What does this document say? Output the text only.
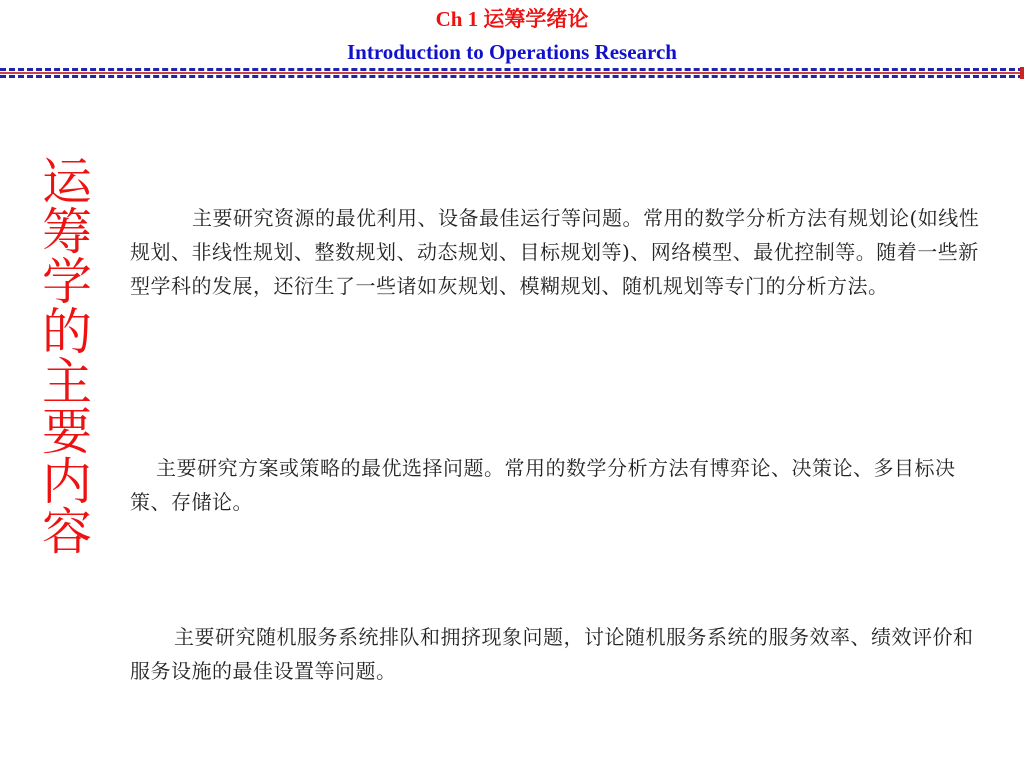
Ch 1 运筹学绪论
Introduction to Operations Research
运筹学的主要内容	主要研究资源的最优利用、设备最佳运行等问题。常用的数学分析方法有规划论(如线性规划、非线性规划、整数规划、动态规划、目标规划等)、网络模型、最优控制等。随着一些新型学科的发展，还衍生了一些诸如灰规划、模糊规划、随机规划等专门的分析方法。
主要研究方案或策略的最优选择问题。常用的数学分析方法有博弈论、决策论、多目标决策、存储论。
主要研究随机服务系统排队和拥挤现象问题，讨论随机服务系统的服务效率、绩效评价和服务设施的最佳设置等问题。
